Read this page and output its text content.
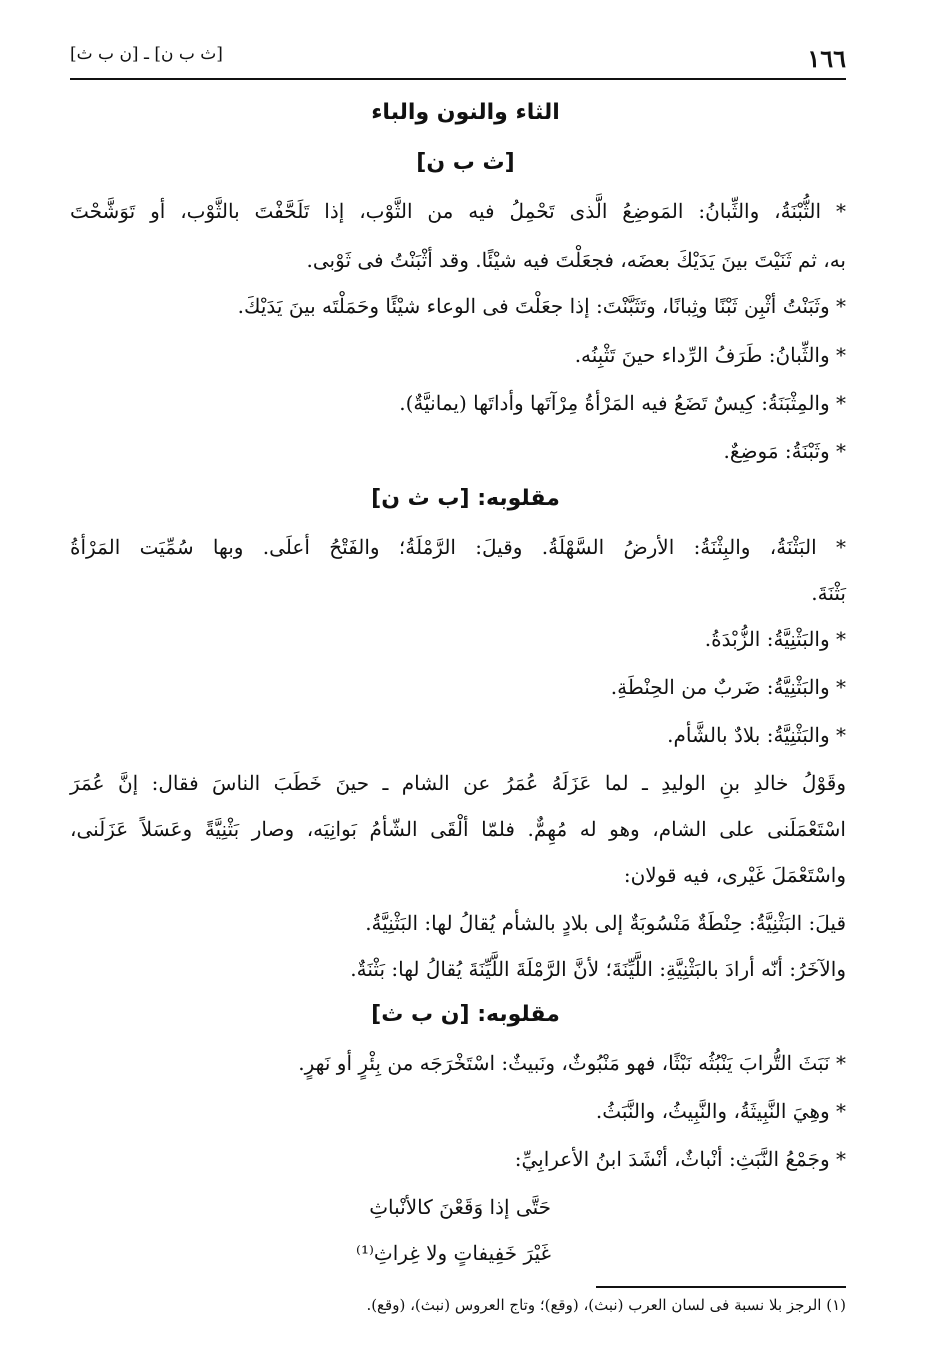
١٦٦
[ث ب ن] ـ [ن ب ث]
الثاء والنون والباء
[ث ب ن]
* الثُّبْنَةُ، والثِّبانُ: المَوضِعُ الَّذى تَحْمِلُ فيه من الثَّوْب، إذا تَلَحَّفْتَ بالثَّوْب، أو تَوَشَّحْتَ
به، ثم ثَنَيْتَ بينَ يَدَيْكَ بعضَه، فجعَلْتَ فيه شيْئًا. وقد أثْبَنْتُ فى ثَوْبى.
* وثَبَنْتُ أثْبِن ثَبْنًا وثِبانًا، وتَثَبَّنْتَ: إذا جعَلْتَ فى الوعاء شيْئًا وحَمَلْتَه بينَ يَدَيْكَ.
* والثِّبانُ: طَرَفُ الرِّداء حينَ تَثْبِنُه.
* والمِثْبَنَةُ: كِيسٌ تَضَعُ فيه المَرْأةُ مِرْآتَها وأداتَها (يمانيَّةٌ).
* وثَبْنَةُ: مَوضِعٌ.
مقلوبه: [ب ث ن]
* البَثْنَةُ، والبِثْنَةُ: الأرضُ السَّهْلَةُ. وقيلَ: الرَّمْلَةُ؛ والفَتْحُ أعلَى. وبها سُمِّيَت المَرْأةُ
بَثْنَةَ.
* والبَثْنِيَّةُ: الزُّبْدَةُ.
* والبَثْنِيَّةُ: ضَربٌ من الحِنْطَةِ.
* والبَثْنِيَّةُ: بلادٌ بالشَّأم.
وقَوْلُ خالدِ بنِ الوليدِ ـ لما عَزَلَهُ عُمَرُ عن الشام ـ حينَ خَطَبَ الناسَ فقال: إنَّ عُمَرَ
اسْتَعْمَلَنى على الشام، وهو له مُهِمٌّ. فلمّا ألْقَى الشّأمُ بَوانِيَه، وصار بَثْنِيَّةً وعَسَلاً عَزَلَنى،
واسْتَعْمَلَ غَيْرى، فيه قولان:
قيلَ: البَثْنِيَّةُ: حِنْطَةٌ مَنْسُوبَةٌ إلى بلادٍ بالشأم يُقالُ لها: البَثْنِيَّةُ.
والآخَرُ: أنّه أرادَ بالبَثْنِيَّةِ: اللَّيِّنَةَ؛ لأنَّ الرَّمْلَةَ اللَّيِّنَةَ يُقالُ لها: بَثْنَةٌ.
مقلوبه: [ن ب ث]
* نَبَثَ التُّرابَ يَنْبُثُه نَبْثًا، فهو مَنْبُوثٌ، ونَبيثٌ: اسْتَخْرَجَه من بِئْرٍ أو نَهرٍ.
* وهِيَ النَّبِيثَةُ، والنَّبِيثُ، والنَّبَثُ.
* وجَمْعُ النَّبَثِ: أنْباثٌ، أنْشَدَ ابنُ الأعرابِيِّ:
حَتَّى إذا وَقَعْنَ كالأنْباثِ
غَيْرَ خَفِيفاتٍ ولا غِراثِ⁽¹⁾
(١) الرجز بلا نسبة فى لسان العرب (نبث)، (وقع)؛ وتاج العروس (نبث)، (وقع).
